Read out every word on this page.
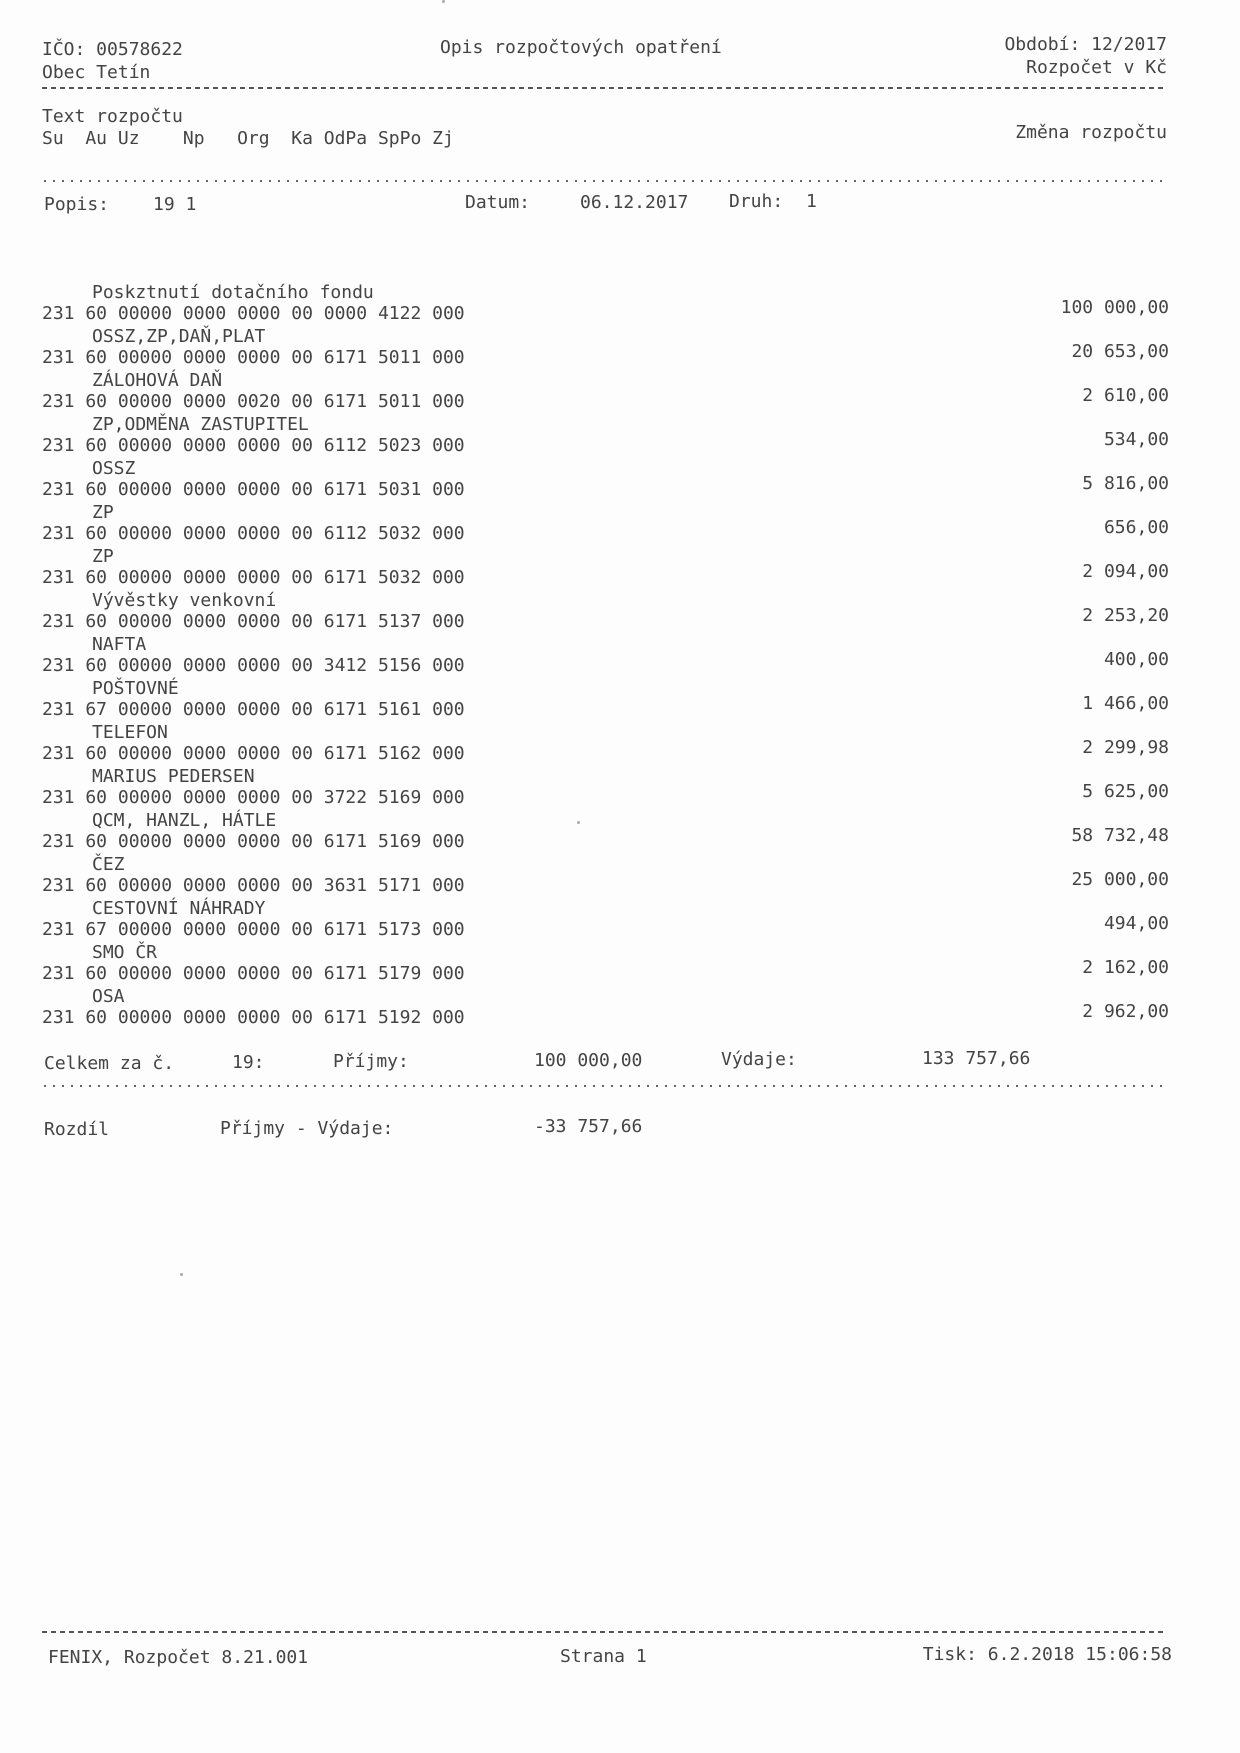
IČO: 00578622
Obec Tetín
Opis rozpočtových opatření	Období: 12/2017
Rozpočet v Kč
Text rozpočtu
Su  Au Uz    Np   Org  Ka OdPa SpPo Zj	Změna rozpočtu
Popis: 19 1	Datum:	06.12.2017 Druh: 1
Poskztnutí dotačního fondu
231 60 00000 0000 0000 00 0000 4122 000	100 000,00
OSSZ,ZP,DAŇ,PLAT
231 60 00000 0000 0000 00 6171 5011 000	20 653,00
ZÁLOHOVÁ DAŇ
231 60 00000 0000 0020 00 6171 5011 000	2 610,00
ZP,ODMĚNA ZASTUPITEL
231 60 00000 0000 0000 00 6112 5023 000	534,00
OSSZ
231 60 00000 0000 0000 00 6171 5031 000	5 816,00
ZP
231 60 00000 0000 0000 00 6112 5032 000	656,00
ZP
231 60 00000 0000 0000 00 6171 5032 000	2 094,00
Vývěstky venkovní
231 60 00000 0000 0000 00 6171 5137 000	2 253,20
NAFTA
231 60 00000 0000 0000 00 3412 5156 000	400,00
POŠTOVNÉ
231 67 00000 0000 0000 00 6171 5161 000	1 466,00
TELEFON
231 60 00000 0000 0000 00 6171 5162 000	2 299,98
MARIUS PEDERSEN
231 60 00000 0000 0000 00 3722 5169 000	5 625,00
QCM, HANZL, HÁTLE
231 60 00000 0000 0000 00 6171 5169 000	58 732,48
ČEZ
231 60 00000 0000 0000 00 3631 5171 000	25 000,00
CESTOVNÍ NÁHRADY
231 67 00000 0000 0000 00 6171 5173 000	494,00
SMO ČR
231 60 00000 0000 0000 00 6171 5179 000	2 162,00
OSA
231 60 00000 0000 0000 00 6171 5192 000	2 962,00
Celkem za č.	19:	Příjmy:	100 000,00	Výdaje:	133 757,66
Rozdíl	Příjmy - Výdaje:	-33 757,66
FENIX, Rozpočet 8.21.001	Strana 1	Tisk: 6.2.2018 15:06:58
